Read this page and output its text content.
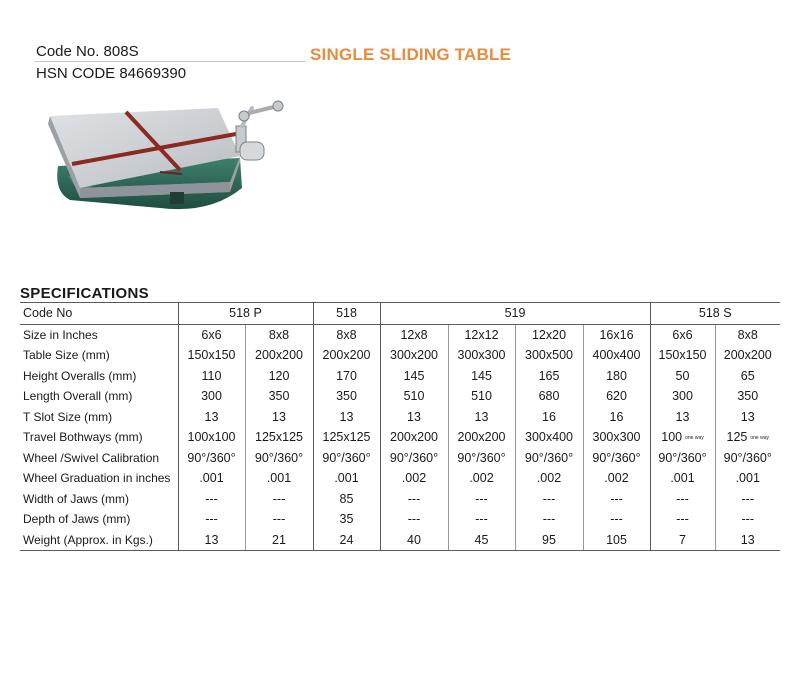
Code No. 808S	SINGLE SLIDING TABLE
HSN CODE 84669390
SPECIFICATIONS
Code No	518 P		518	519				518 S	
Size in Inches	6x6	8x8	8x8	12x8	12x12	12x20	16x16	6x6	8x8
Table Size (mm)	150x150	200x200	200x200	300x200	300x300	300x500	400x400	150x150	200x200
Height Overalls (mm)	110	120	170	145	145	165	180	50	65
Length Overall (mm)	300	350	350	510	510	680	620	300	350
T Slot Size (mm)	13	13	13	13	13	16	16	13	13
Travel Bothways (mm)	100x100	125x125	125x125	200x200	200x200	300x400	300x300	100 one way	125 one way
Wheel /Swivel Calibration	90°/360°	90°/360°	90°/360°	90°/360°	90°/360°	90°/360°	90°/360°	90°/360°	90°/360°
Wheel Graduation in inches	.001	.001	.001	.002	.002	.002	.002	.001	.001
Width of Jaws (mm)	---	---	85	---	---	---	---	---	---
Depth of Jaws (mm)	---	---	35	---	---	---	---	---	---
Weight (Approx. in Kgs.)	13	21	24	40	45	95	105	7	13
